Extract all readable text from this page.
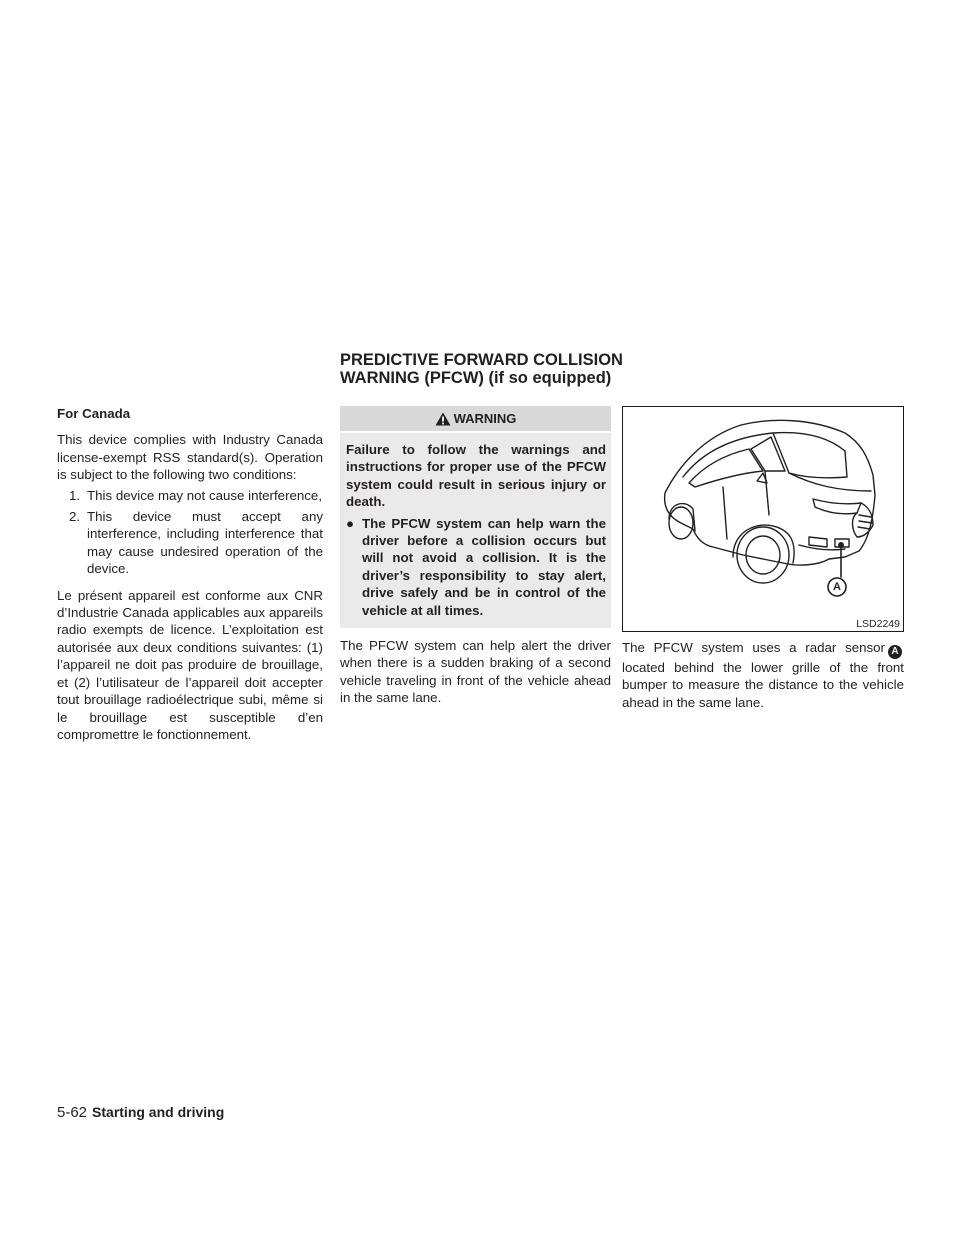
PREDICTIVE FORWARD COLLISION
WARNING (PFCW) (if so equipped)

For Canada

This device complies with Industry Canada license-exempt RSS standard(s). Operation is subject to the following two conditions:

1. This device may not cause interference,
2. This device must accept any interference, including interference that may cause undesired operation of the device.

Le présent appareil est conforme aux CNR d’Industrie Canada applicables aux appareils radio exempts de licence. L’exploitation est autorisée aux deux conditions suivantes: (1) l’appareil ne doit pas produire de brouillage, et (2) l’utilisateur de l’appareil doit accepter tout brouillage radioélectrique subi, même si le brouillage est susceptible d’en compromettre le fonctionnement.

WARNING

Failure to follow the warnings and instructions for proper use of the PFCW system could result in serious injury or death.

● The PFCW system can help warn the driver before a collision occurs but will not avoid a collision. It is the driver’s responsibility to stay alert, drive safely and be in control of the vehicle at all times.

The PFCW system can help alert the driver when there is a sudden braking of a second vehicle traveling in front of the vehicle ahead in the same lane.

A
LSD2249

The PFCW system uses a radar sensor Alocated behind the lower grille of the front bumper to measure the distance to the vehicle ahead in the same lane.

5-62 Starting and driving
